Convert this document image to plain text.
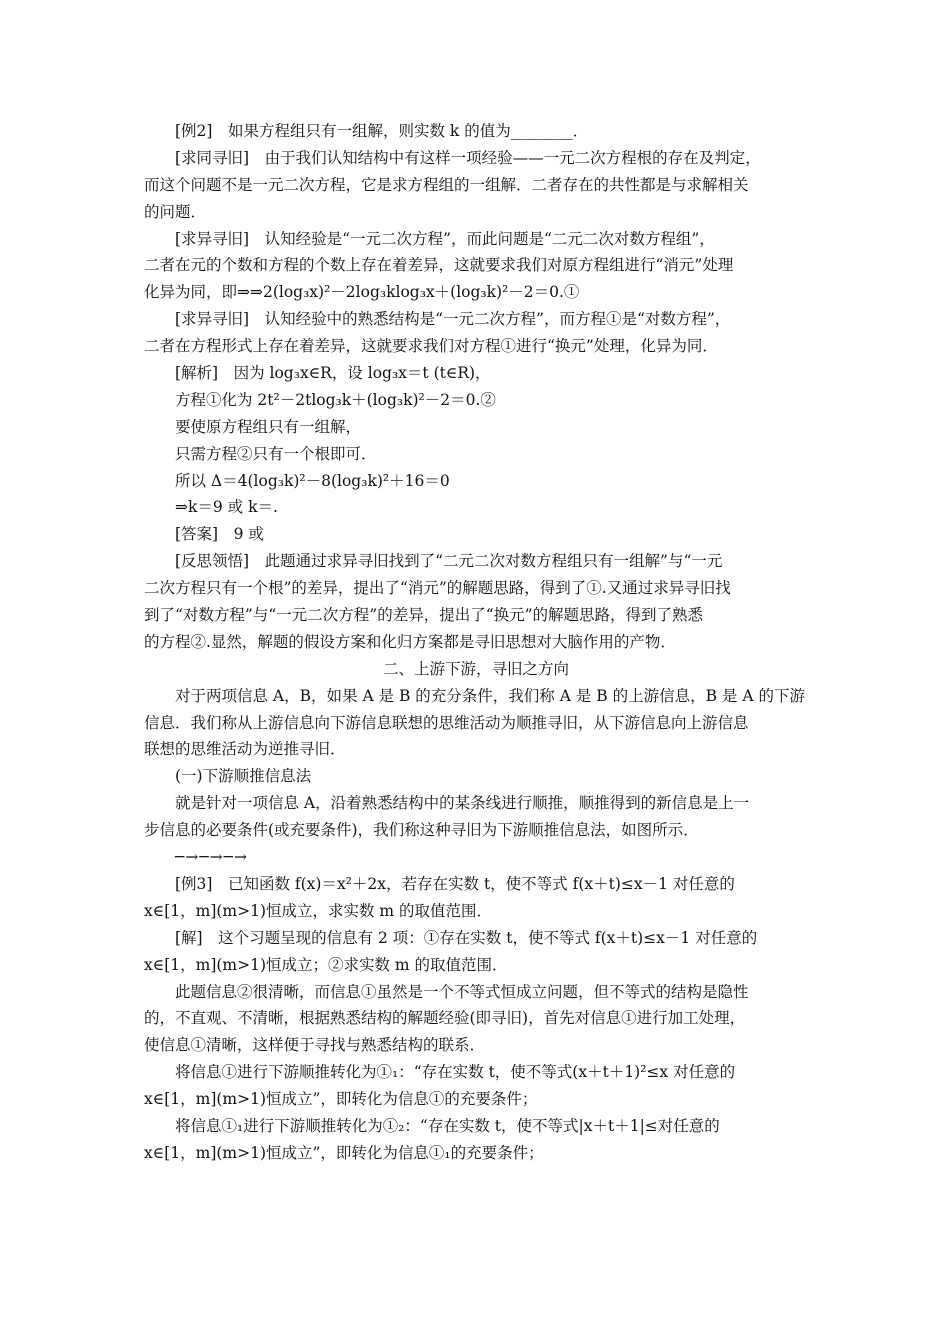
[例2]　如果方程组只有一组解，则实数 k 的值为________．
[求同寻旧]　由于我们认知结构中有这样一项经验——一元二次方程根的存在及判定，
而这个问题不是一元二次方程，它是求方程组的一组解．二者存在的共性都是与求解相关
的问题．
[求异寻旧]　认知经验是“一元二次方程”，而此问题是“二元二次对数方程组”，
二者在元的个数和方程的个数上存在着差异，这就要求我们对原方程组进行“消元”处理
化异为同，即⇒⇒2(log₃x)²－2log₃klog₃x＋(log₃k)²－2＝0.①
[求异寻旧]　认知经验中的熟悉结构是“一元二次方程”，而方程①是“对数方程”，
二者在方程形式上存在着差异，这就要求我们对方程①进行“换元”处理，化异为同．
[解析]　因为 log₃x∈R，设 log₃x＝t (t∈R)，
方程①化为 2t²－2tlog₃k＋(log₃k)²－2＝0.②
要使原方程组只有一组解，
只需方程②只有一个根即可．
所以 Δ＝4(log₃k)²－8(log₃k)²＋16＝0
⇒k＝9 或 k＝.
[答案]　9 或
[反思领悟]　此题通过求异寻旧找到了“二元二次对数方程组只有一组解”与“一元
二次方程只有一个根”的差异，提出了“消元”的解题思路，得到了①.又通过求异寻旧找
到了“对数方程”与“一元二次方程”的差异，提出了“换元”的解题思路，得到了熟悉
的方程②.显然，解题的假设方案和化归方案都是寻旧思想对大脑作用的产物．
二、上游下游，寻旧之方向
对于两项信息 A，B，如果 A 是 B 的充分条件，我们称 A 是 B 的上游信息，B 是 A 的下游
信息．我们称从上游信息向下游信息联想的思维活动为顺推寻旧，从下游信息向上游信息
联想的思维活动为逆推寻旧．
(一)下游顺推信息法
就是针对一项信息 A，沿着熟悉结构中的某条线进行顺推，顺推得到的新信息是上一
步信息的必要条件(或充要条件)，我们称这种寻旧为下游顺推信息法，如图所示．
─→─→─→
[例3]　已知函数 f(x)＝x²＋2x，若存在实数 t，使不等式 f(x＋t)≤x－1 对任意的
x∈[1，m](m>1)恒成立，求实数 m 的取值范围．
[解]　这个习题呈现的信息有 2 项：①存在实数 t，使不等式 f(x＋t)≤x－1 对任意的
x∈[1，m](m>1)恒成立；②求实数 m 的取值范围．
此题信息②很清晰，而信息①虽然是一个不等式恒成立问题，但不等式的结构是隐性
的，不直观、不清晰，根据熟悉结构的解题经验(即寻旧)，首先对信息①进行加工处理，
使信息①清晰，这样便于寻找与熟悉结构的联系．
将信息①进行下游顺推转化为①₁：“存在实数 t，使不等式(x＋t＋1)²≤x 对任意的
x∈[1，m](m>1)恒成立”，即转化为信息①的充要条件；
将信息①₁进行下游顺推转化为①₂：“存在实数 t，使不等式|x＋t＋1|≤对任意的
x∈[1，m](m>1)恒成立”，即转化为信息①₁的充要条件；
